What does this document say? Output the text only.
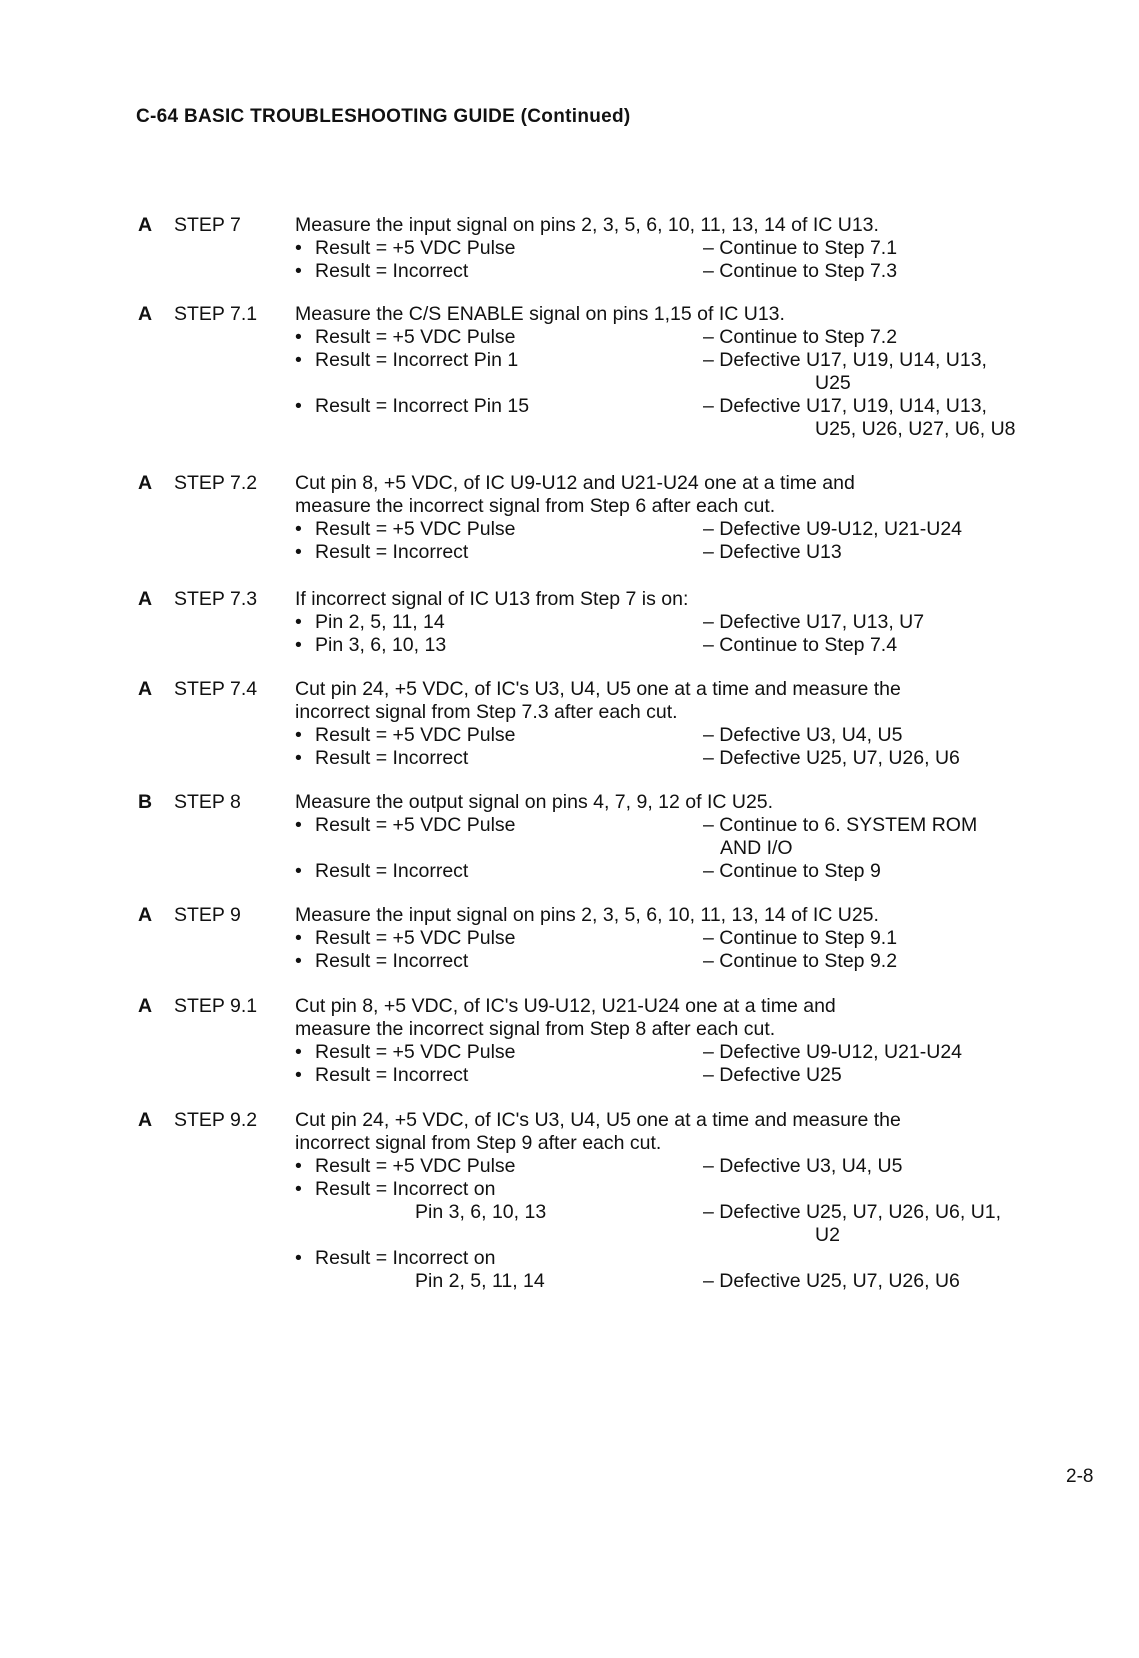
C-64 BASIC TROUBLESHOOTING GUIDE (Continued)
A STEP 7	Measure the input signal on pins 2, 3, 5, 6, 10, 11, 13, 14 of IC U13.
• Result = +5 VDC Pulse	– Continue to Step 7.1
• Result = Incorrect	– Continue to Step 7.3
A STEP 7.1 Measure the C/S ENABLE signal on pins 1,15 of IC U13.
• Result = +5 VDC Pulse	– Continue to Step 7.2
• Result = Incorrect Pin 1	– Defective U17, U19, U14, U13,
U25
• Result = Incorrect Pin 15	– Defective U17, U19, U14, U13,
U25, U26, U27, U6, U8
A STEP 7.2 Cut pin 8, +5 VDC, of IC U9-U12 and U21-U24 one at a time and
measure the incorrect signal from Step 6 after each cut.
• Result = +5 VDC Pulse	– Defective U9-U12, U21-U24
• Result = Incorrect	– Defective U13
A STEP 7.3 If incorrect signal of IC U13 from Step 7 is on:
• Pin 2, 5, 11, 14	– Defective U17, U13, U7
• Pin 3, 6, 10, 13	– Continue to Step 7.4
A STEP 7.4 Cut pin 24, +5 VDC, of IC's U3, U4, U5 one at a time and measure the
incorrect signal from Step 7.3 after each cut.
• Result = +5 VDC Pulse	– Defective U3, U4, U5
• Result = Incorrect	– Defective U25, U7, U26, U6
B STEP 8	Measure the output signal on pins 4, 7, 9, 12 of IC U25.
• Result = +5 VDC Pulse	– Continue to 6. SYSTEM ROM
AND I/O
• Result = Incorrect	– Continue to Step 9
A STEP 9	Measure the input signal on pins 2, 3, 5, 6, 10, 11, 13, 14 of IC U25.
• Result = +5 VDC Pulse	– Continue to Step 9.1
• Result = Incorrect	– Continue to Step 9.2
A STEP 9.1 Cut pin 8, +5 VDC, of IC's U9-U12, U21-U24 one at a time and
measure the incorrect signal from Step 8 after each cut.
• Result = +5 VDC Pulse	– Defective U9-U12, U21-U24
• Result = Incorrect	– Defective U25
A STEP 9.2 Cut pin 24, +5 VDC, of IC's U3, U4, U5 one at a time and measure the
incorrect signal from Step 9 after each cut.
• Result = +5 VDC Pulse	– Defective U3, U4, U5
• Result = Incorrect on
Pin 3, 6, 10, 13	– Defective U25, U7, U26, U6, U1,
U2
• Result = Incorrect on
Pin 2, 5, 11, 14	– Defective U25, U7, U26, U6
2-8
